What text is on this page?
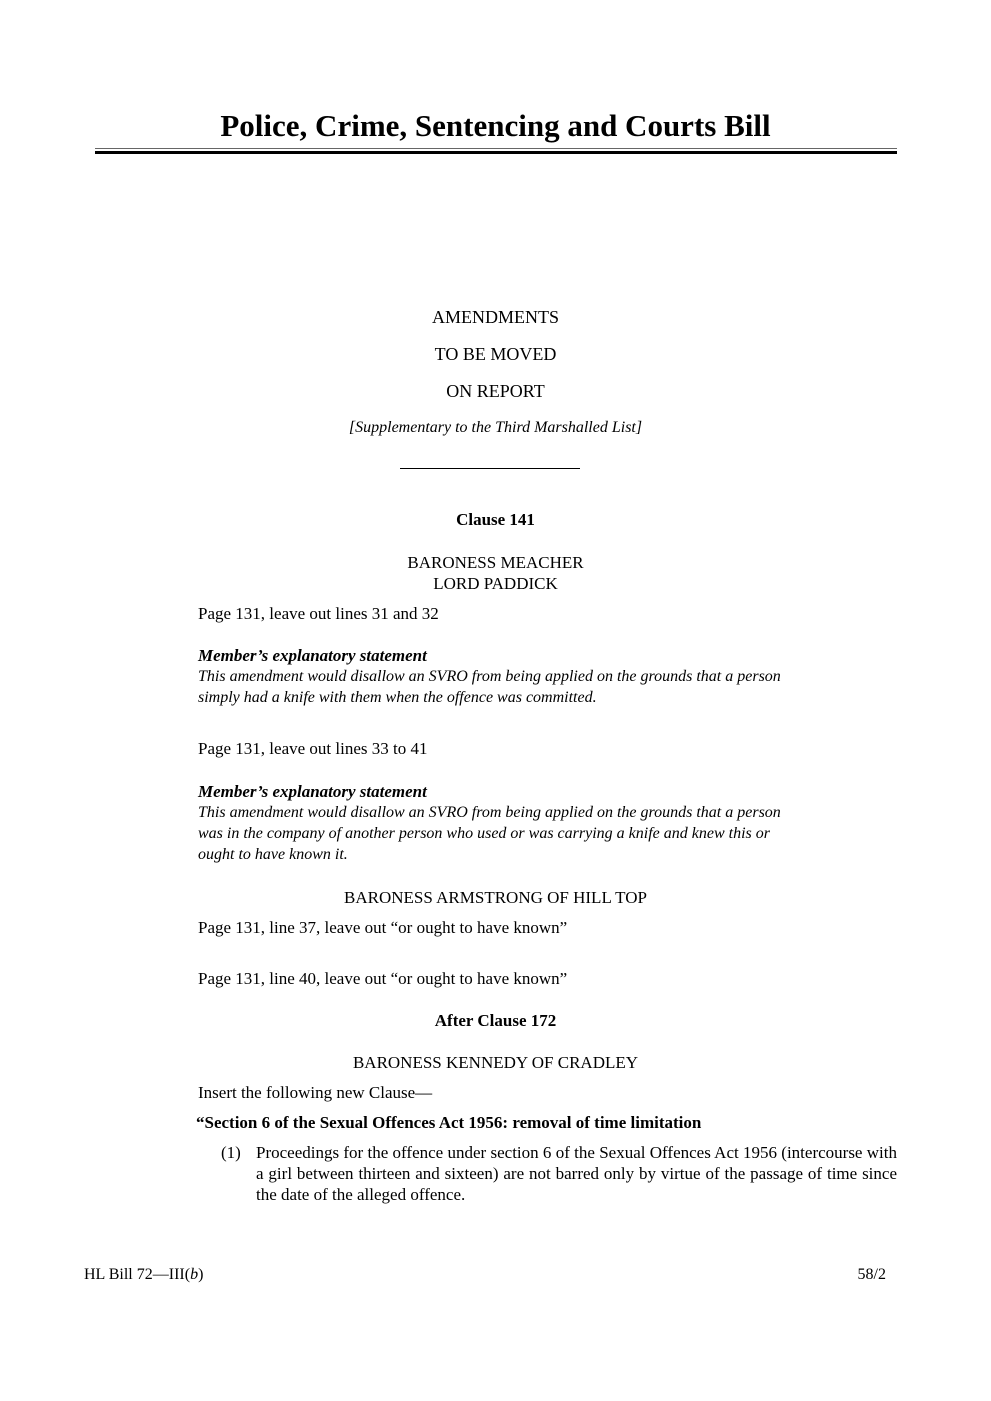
Police, Crime, Sentencing and Courts Bill
AMENDMENTS
TO BE MOVED
ON REPORT
[Supplementary to the Third Marshalled List]
Clause 141
BARONESS MEACHER
LORD PADDICK
Page 131, leave out lines 31 and 32
Member’s explanatory statement
This amendment would disallow an SVRO from being applied on the grounds that a person
simply had a knife with them when the offence was committed.
Page 131, leave out lines 33 to 41
Member’s explanatory statement
This amendment would disallow an SVRO from being applied on the grounds that a person
was in the company of another person who used or was carrying a knife and knew this or
ought to have known it.
BARONESS ARMSTRONG OF HILL TOP
Page 131, line 37, leave out “or ought to have known”
Page 131, line 40, leave out “or ought to have known”
After Clause 172
BARONESS KENNEDY OF CRADLEY
Insert the following new Clause—
“Section 6 of the Sexual Offences Act 1956: removal of time limitation
(1) Proceedings for the offence under section 6 of the Sexual Offences Act 1956 (intercourse with a girl between thirteen and sixteen) are not barred only by virtue of the passage of time since the date of the alleged offence.
HL Bill 72—III(b)	58/2
